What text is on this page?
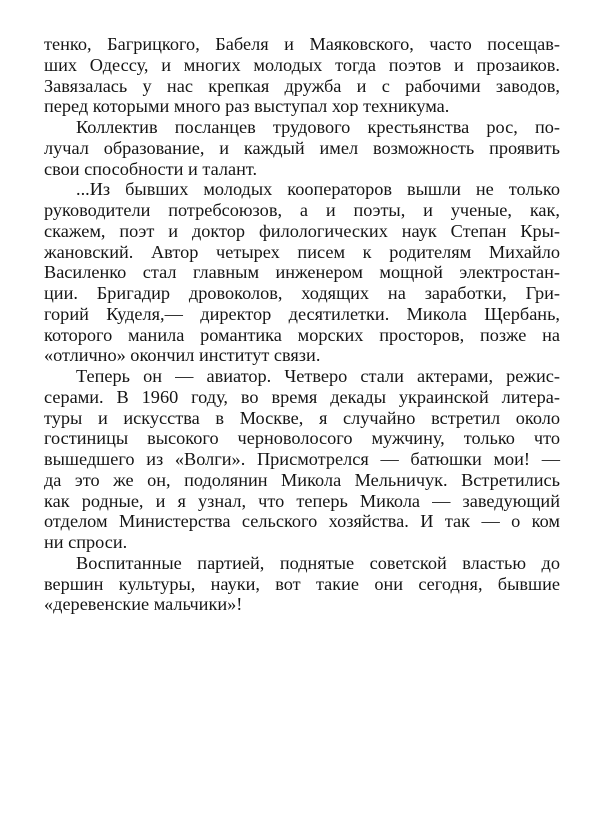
тенко, Багрицкого, Бабеля и Маяковского, часто посещав-
ших Одессу, и многих молодых тогда поэтов и прозаиков.
Завязалась у нас крепкая дружба и с рабочими заводов,
перед которыми много раз выступал хор техникума.
Коллектив посланцев трудового крестьянства рос, по-
лучал образование, и каждый имел возможность проявить
свои способности и талант.
...Из бывших молодых кооператоров вышли не только
руководители потребсоюзов, а и поэты, и ученые, как,
скажем, поэт и доктор филологических наук Степан Кры-
жановский. Автор четырех писем к родителям Михайло
Василенко стал главным инженером мощной электростан-
ции. Бригадир дровоколов, ходящих на заработки, Гри-
горий Куделя,— директор десятилетки. Микола Щербань,
которого манила романтика морских просторов, позже на
«отлично» окончил институт связи.
Теперь он — авиатор. Четверо стали актерами, режис-
серами. В 1960 году, во время декады украинской литера-
туры и искусства в Москве, я случайно встретил около
гостиницы высокого черноволосого мужчину, только что
вышедшего из «Волги». Присмотрелся — батюшки мои! —
да это же он, подолянин Микола Мельничук. Встретились
как родные, и я узнал, что теперь Микола — заведующий
отделом Министерства сельского хозяйства. И так — о ком
ни спроси.
Воспитанные партией, поднятые советской властью до
вершин культуры, науки, вот такие они сегодня, бывшие
«деревенские мальчики»!
